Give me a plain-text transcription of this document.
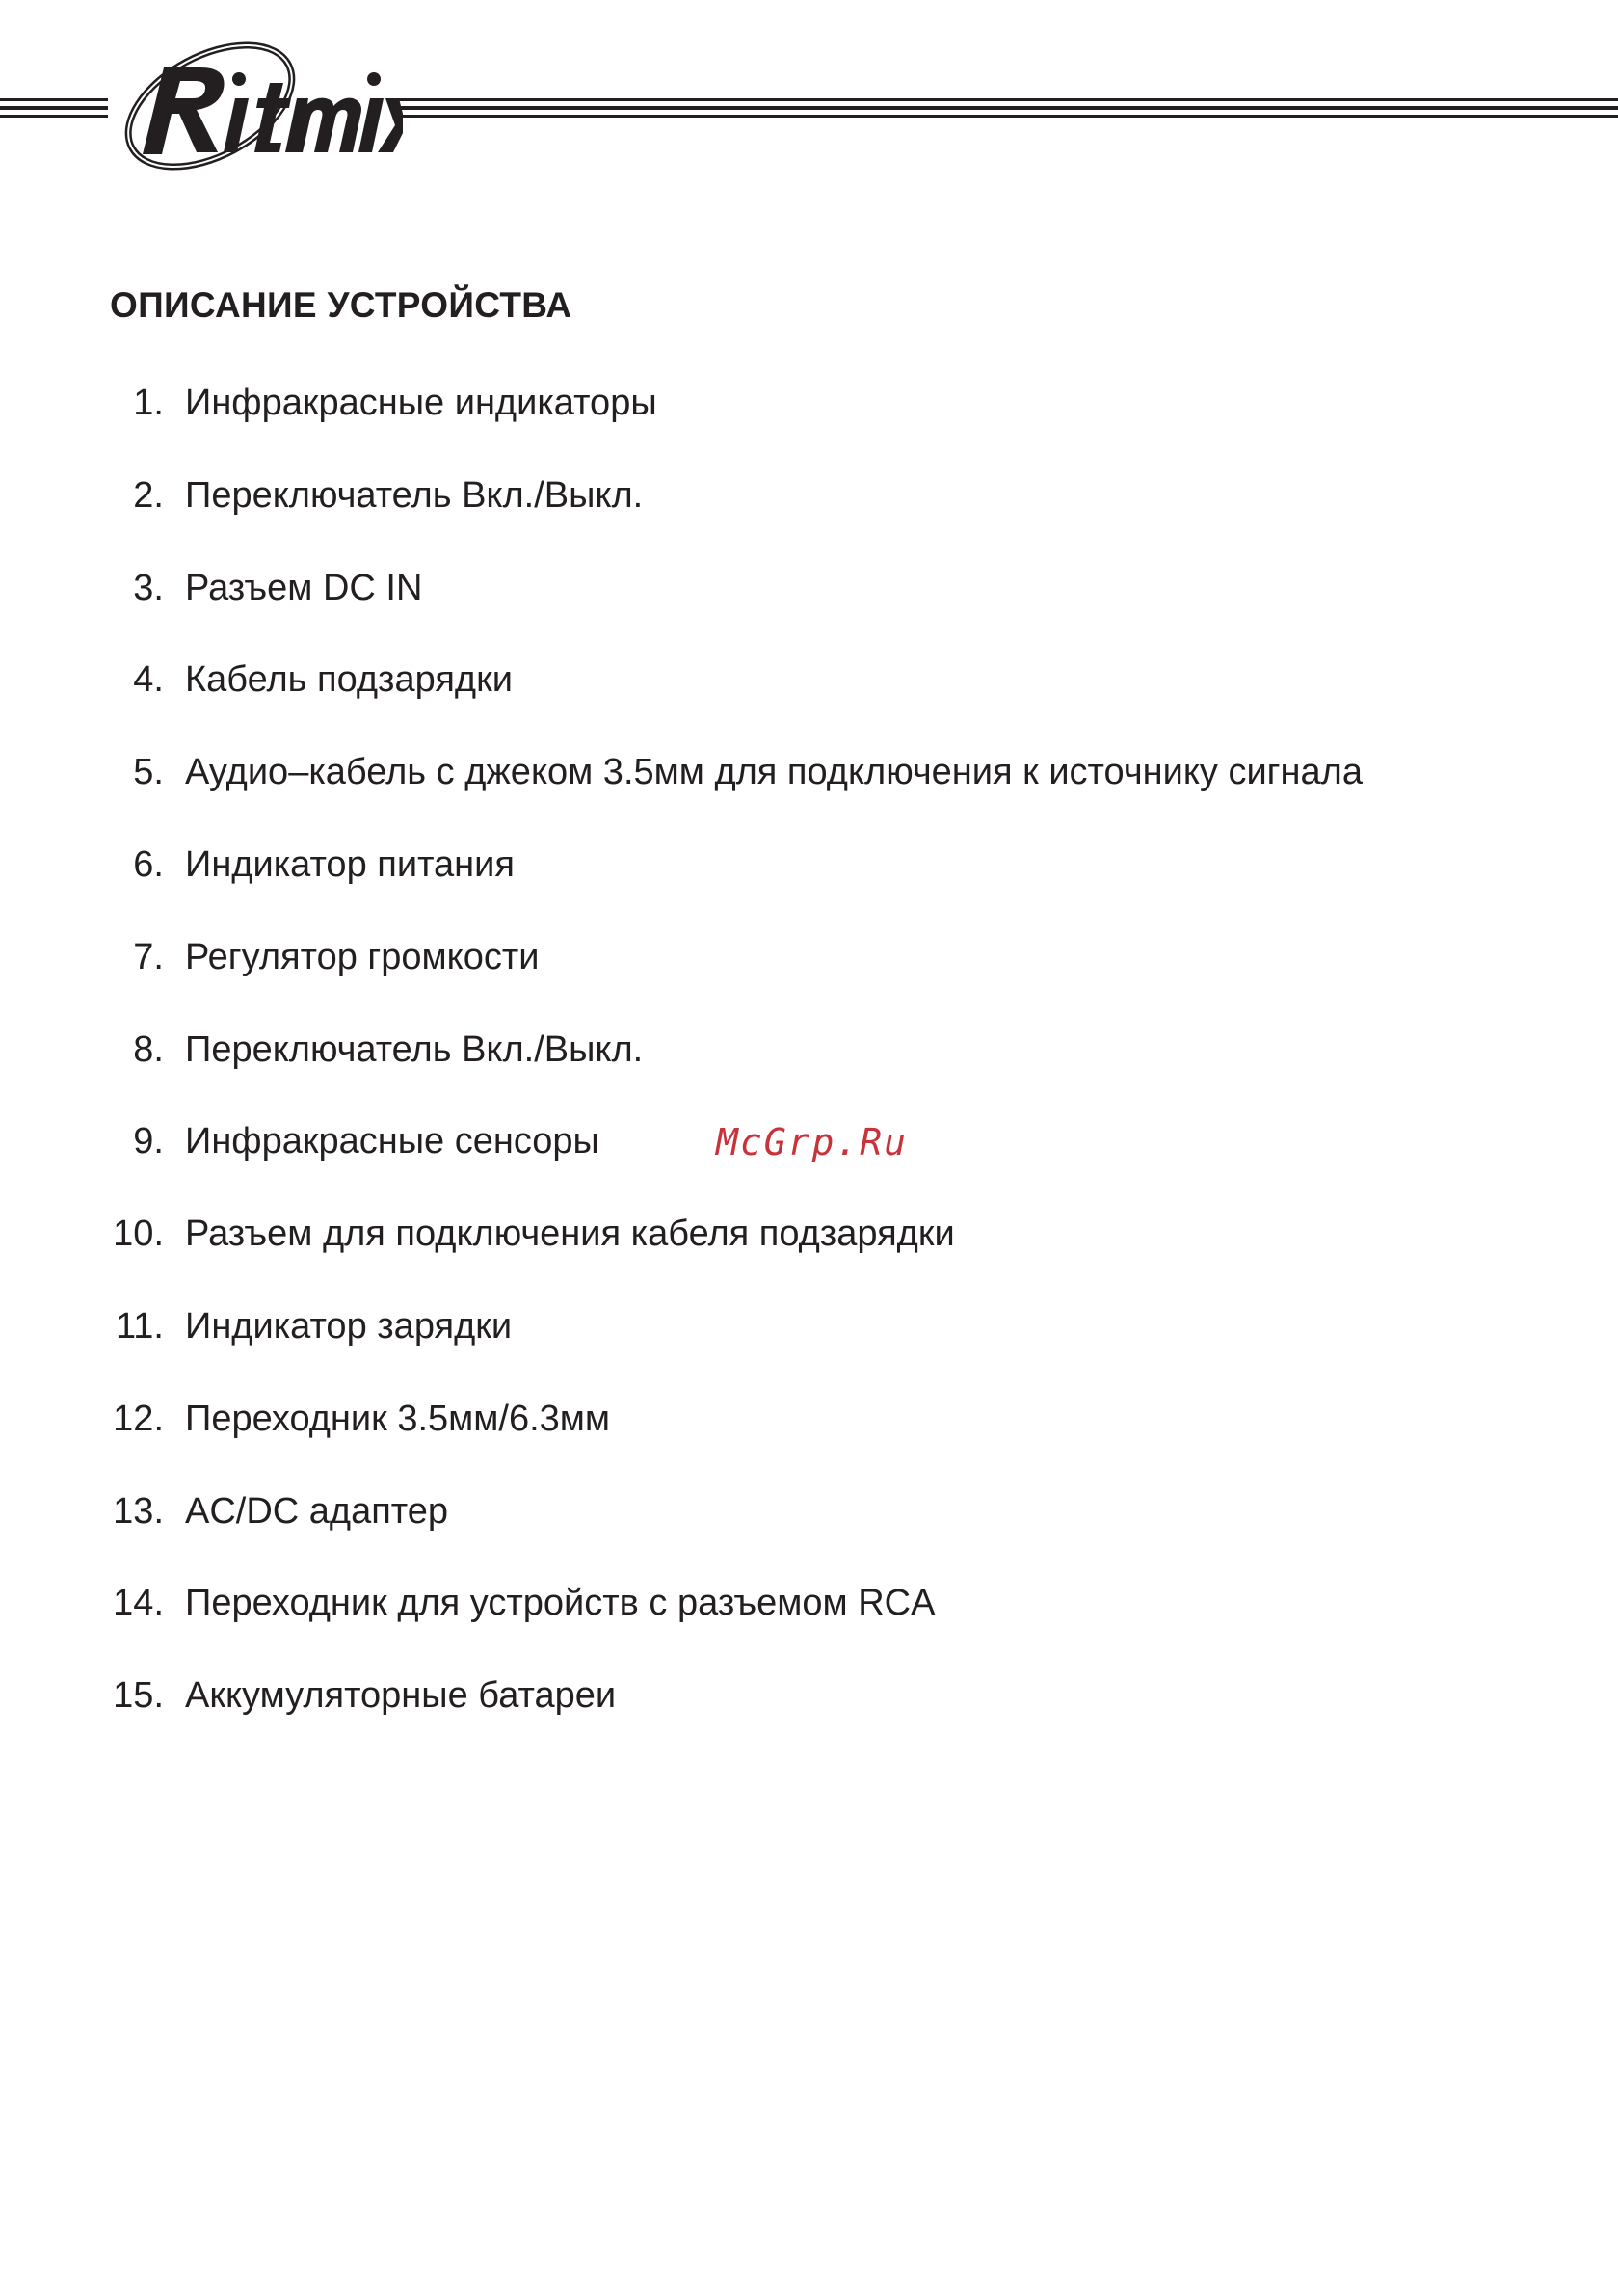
ОПИСАНИЕ УСТРОЙСТВА
1. Инфракрасные индикаторы
2. Переключатель Вкл./Выкл.
3. Разъем DC IN
4. Кабель подзарядки
5. Аудио–кабель с джеком 3.5мм для подключения к источнику сигнала
6. Индикатор питания
7. Регулятор громкости
8. Переключатель Вкл./Выкл.
9. Инфракрасные сенсоры
10. Разъем для подключения кабеля подзарядки
11. Индикатор зарядки
12. Переходник 3.5мм/6.3мм
13. AC/DC адаптер
14. Переходник для устройств с разъемом RCA
15. Аккумуляторные батареи
McGrp.Ru
